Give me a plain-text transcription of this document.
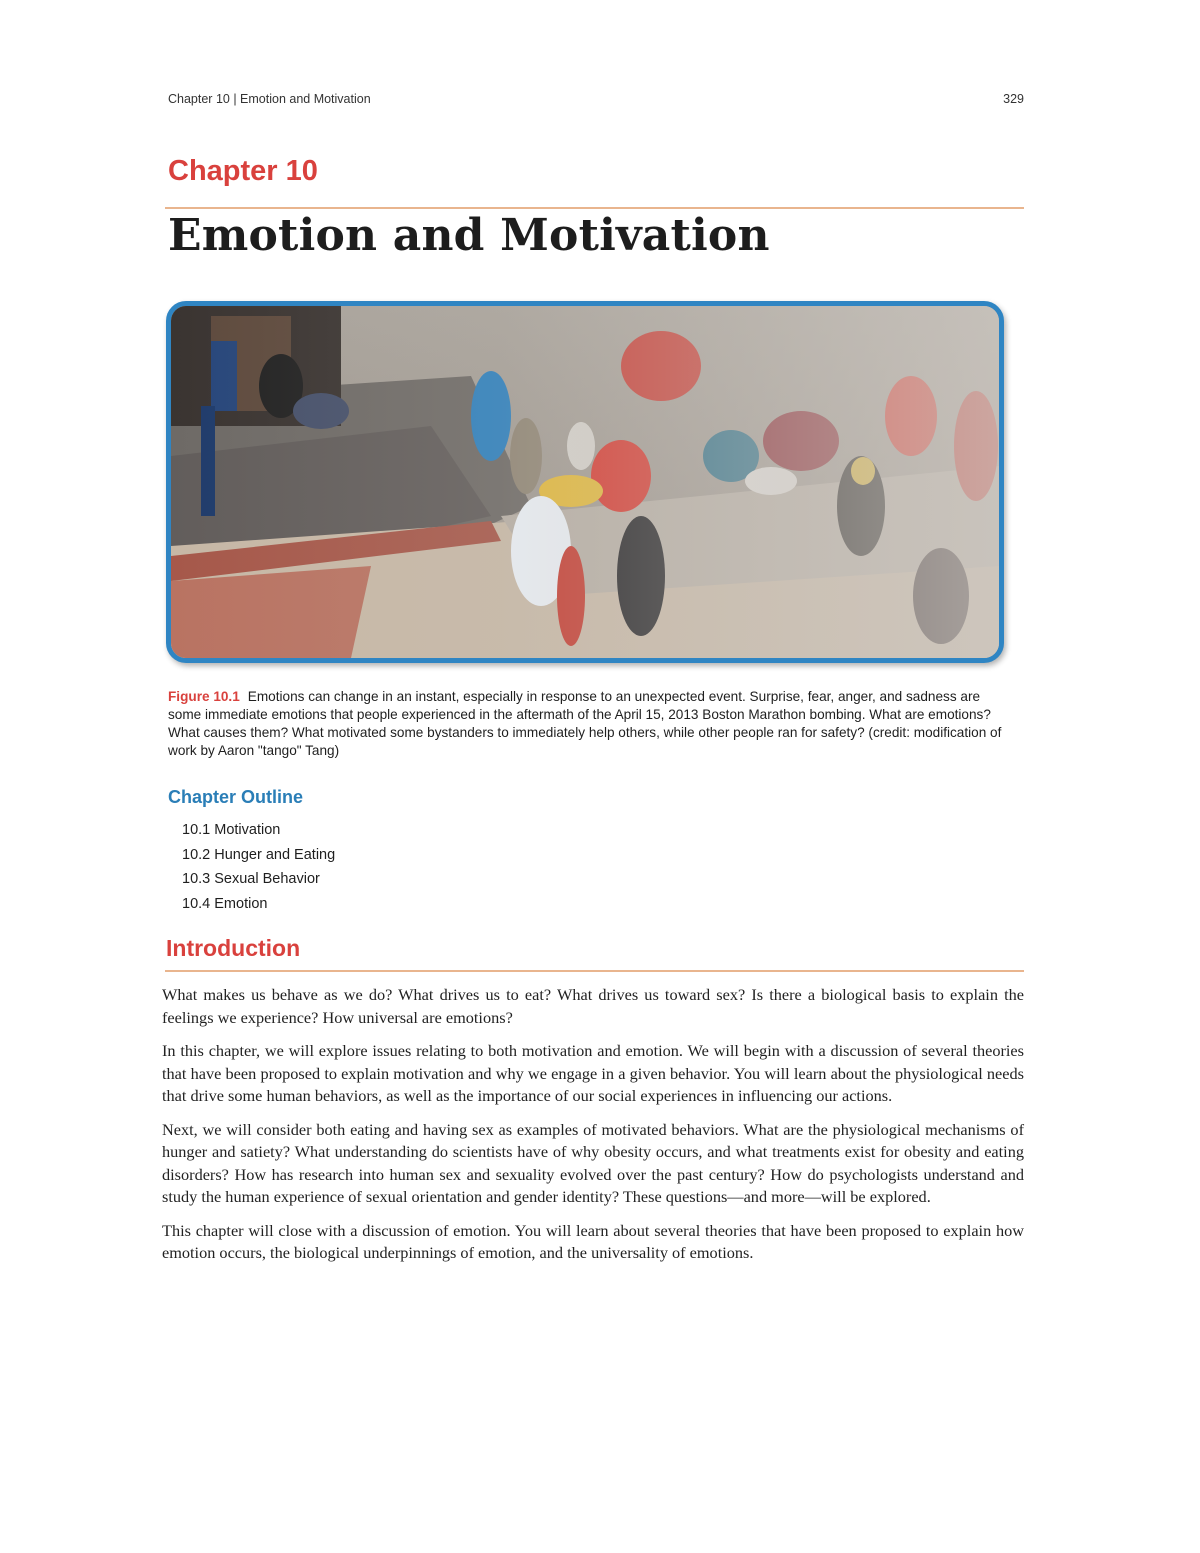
Chapter 10 | Emotion and Motivation	329
Chapter 10
Emotion and Motivation
Figure 10.1 Emotions can change in an instant, especially in response to an unexpected event. Surprise, fear, anger, and sadness are some immediate emotions that people experienced in the aftermath of the April 15, 2013 Boston Marathon bombing. What are emotions? What causes them? What motivated some bystanders to immediately help others, while other people ran for safety? (credit: modification of work by Aaron "tango" Tang)
Chapter Outline
10.1 Motivation
10.2 Hunger and Eating
10.3 Sexual Behavior
10.4 Emotion
Introduction

What makes us behave as we do? What drives us to eat? What drives us toward sex? Is there a biological basis to explain the feelings we experience? How universal are emotions?

In this chapter, we will explore issues relating to both motivation and emotion. We will begin with a discussion of several theories that have been proposed to explain motivation and why we engage in a given behavior. You will learn about the physiological needs that drive some human behaviors, as well as the importance of our social experiences in influencing our actions.

Next, we will consider both eating and having sex as examples of motivated behaviors. What are the physiological mechanisms of hunger and satiety? What understanding do scientists have of why obesity occurs, and what treatments exist for obesity and eating disorders? How has research into human sex and sexuality evolved over the past century? How do psychologists understand and study the human experience of sexual orientation and gender identity? These questions—and more—will be explored.

This chapter will close with a discussion of emotion. You will learn about several theories that have been proposed to explain how emotion occurs, the biological underpinnings of emotion, and the universality of emotions.
